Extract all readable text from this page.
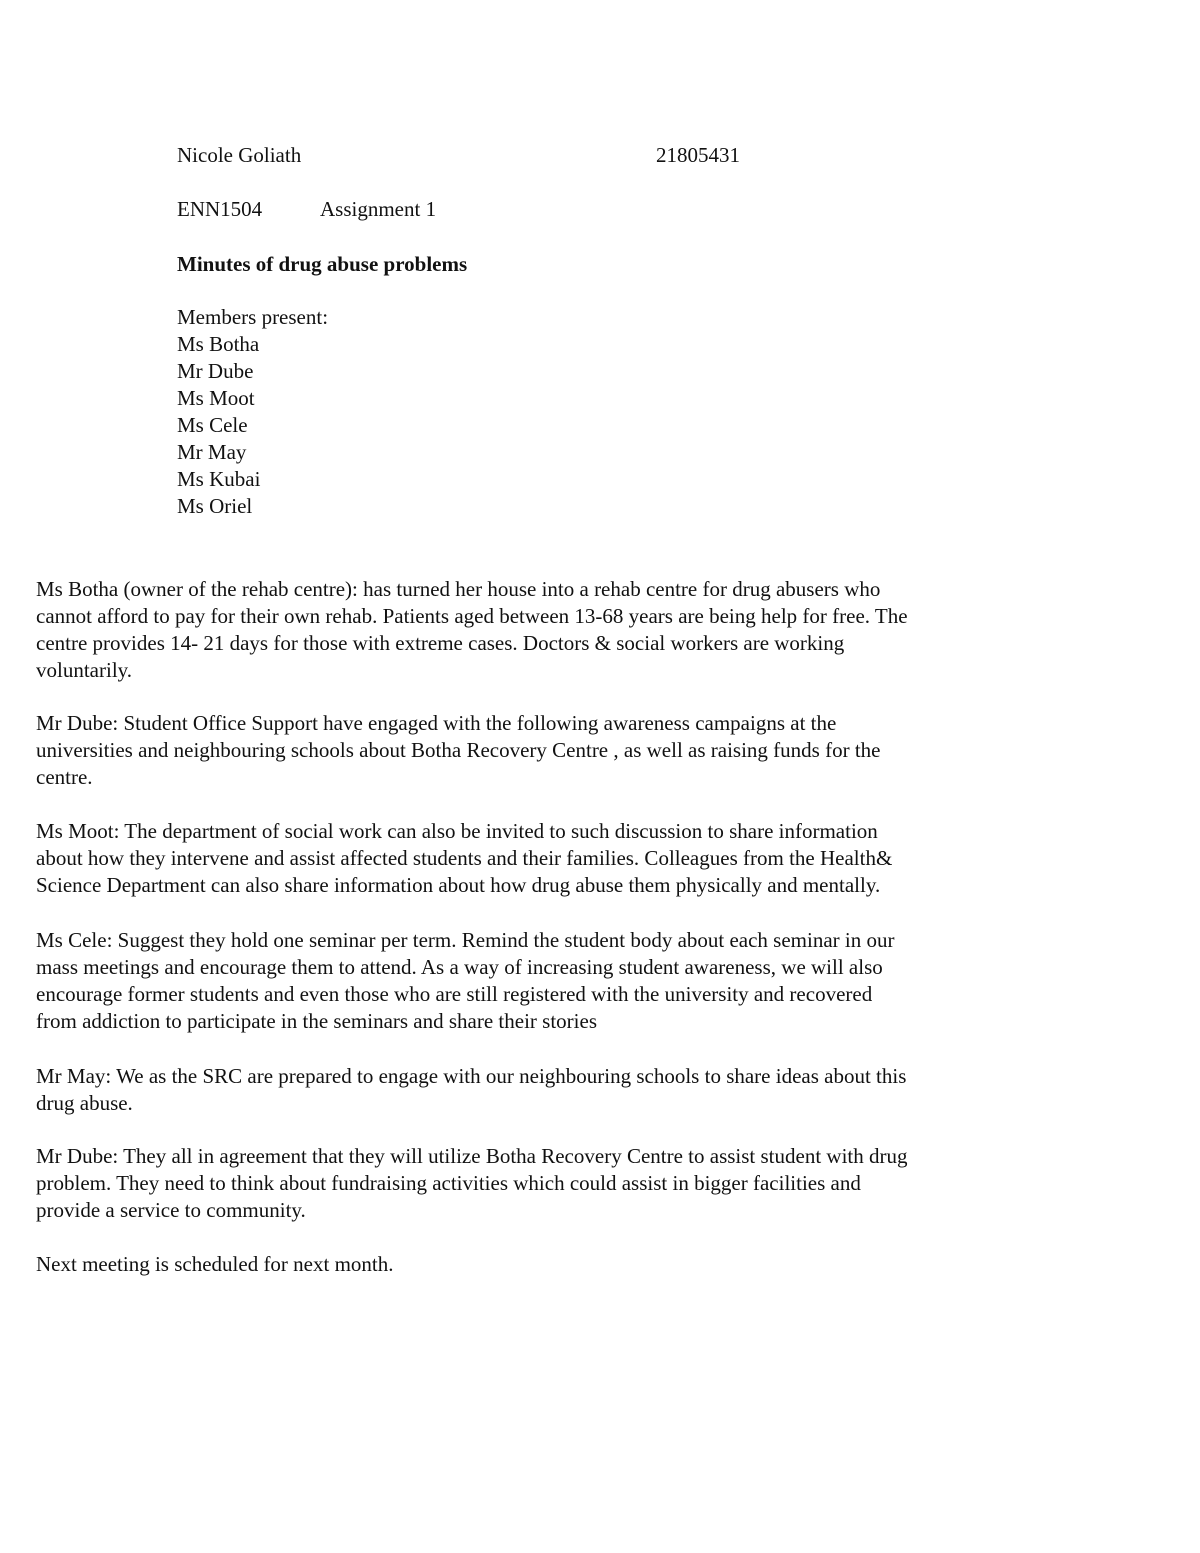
Nicole Goliath	21805431
ENN1504	Assignment 1
Minutes of drug abuse problems
Members present:
Ms Botha
Mr Dube
Ms Moot
Ms Cele
Mr May
Ms Kubai
Ms Oriel

Ms Botha (owner of the rehab centre): has turned her house into a rehab centre for drug abusers who
cannot afford to pay for their own rehab. Patients aged between 13-68 years are being help for free. The
centre provides 14- 21 days for those with extreme cases. Doctors & social workers are working
voluntarily.

Mr Dube: Student Office Support have engaged with the following awareness campaigns at the
universities and neighbouring schools about Botha Recovery Centre , as well as raising funds for the
centre.

Ms Moot: The department of social work can also be invited to such discussion to share information
about how they intervene and assist affected students and their families. Colleagues from the Health&
Science Department can also share information about how drug abuse them physically and mentally.

Ms Cele: Suggest they hold one seminar per term. Remind the student body about each seminar in our
mass meetings and encourage them to attend. As a way of increasing student awareness, we will also
encourage former students and even those who are still registered with the university and recovered
from addiction to participate in the seminars and share their stories

Mr May: We as the SRC are prepared to engage with our neighbouring schools to share ideas about this
drug abuse.

Mr Dube: They all in agreement that they will utilize Botha Recovery Centre to assist student with drug
problem. They need to think about fundraising activities which could assist in bigger facilities and
provide a service to community.

Next meeting is scheduled for next month.
